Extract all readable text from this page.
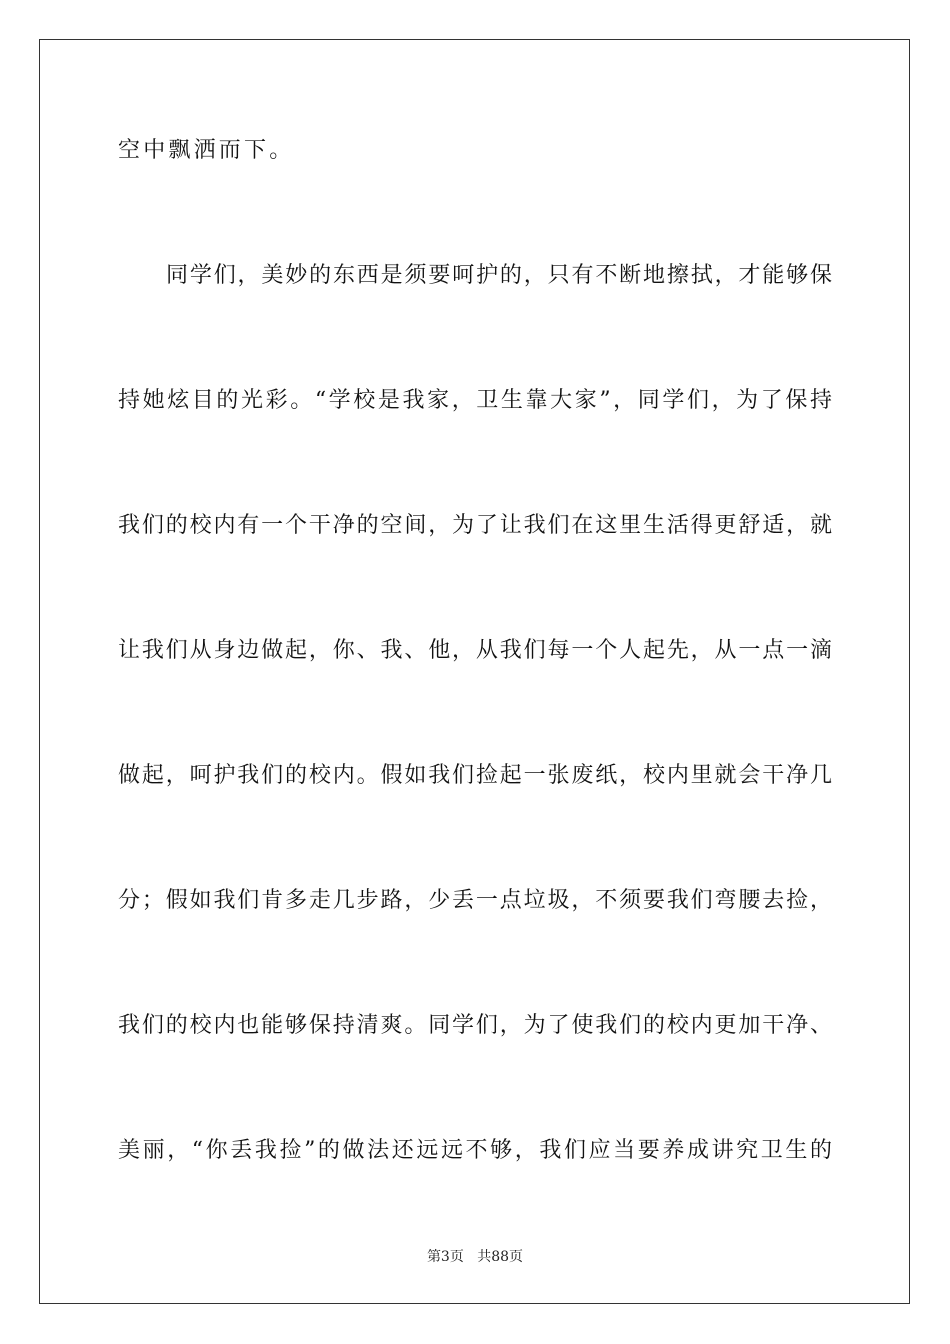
空中飘洒而下。
同学们，美妙的东西是须要呵护的，只有不断地擦拭，才能够保
持她炫目的光彩。“学校是我家，卫生靠大家”，同学们，为了保持
我们的校内有一个干净的空间，为了让我们在这里生活得更舒适，就
让我们从身边做起，你、我、他，从我们每一个人起先，从一点一滴
做起，呵护我们的校内。假如我们捡起一张废纸，校内里就会干净几
分；假如我们肯多走几步路，少丢一点垃圾，不须要我们弯腰去捡，
我们的校内也能够保持清爽。同学们，为了使我们的校内更加干净、
美丽，“你丢我捡”的做法还远远不够，我们应当要养成讲究卫生的
第3页 共88页
